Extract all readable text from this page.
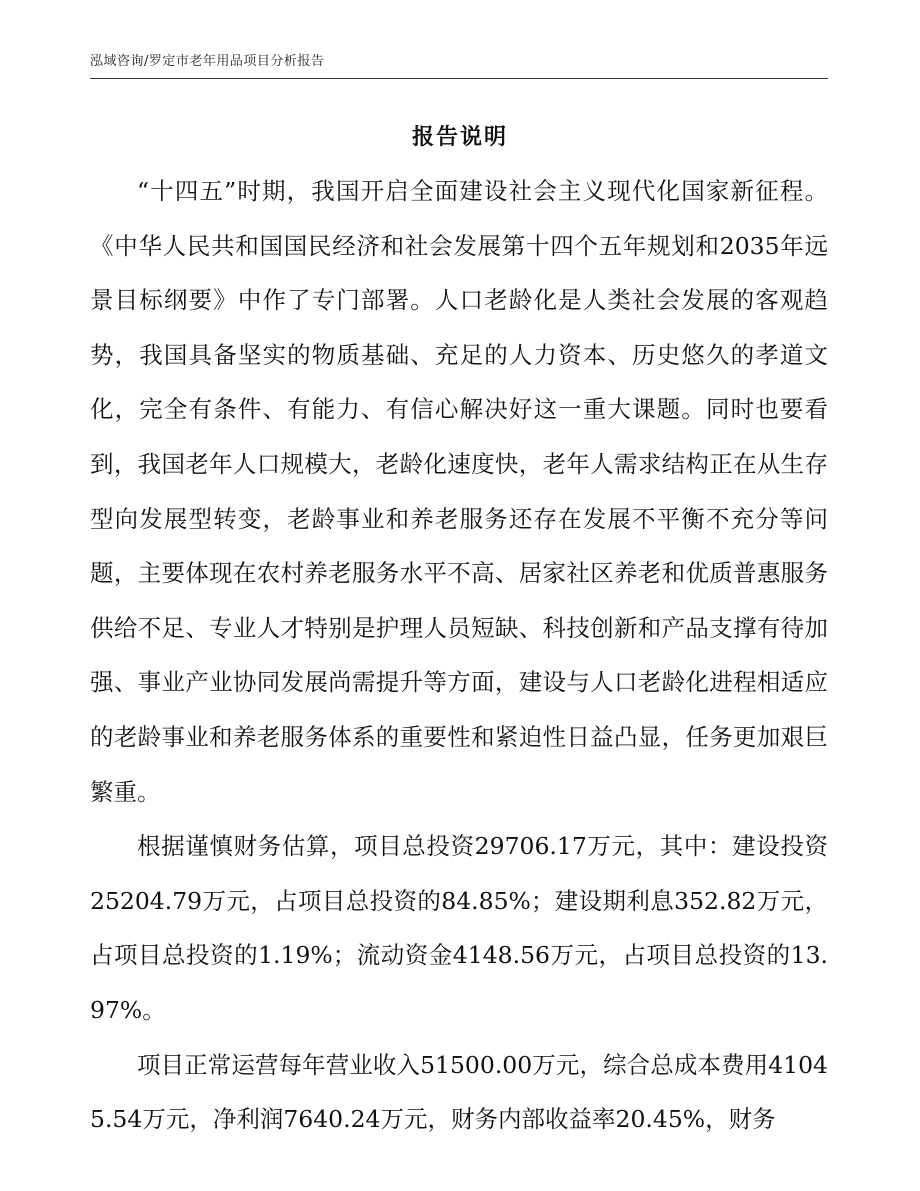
泓域咨询/罗定市老年用品项目分析报告
报告说明

“十四五”时期，我国开启全面建设社会主义现代化国家新征程。《中华人民共和国国民经济和社会发展第十四个五年规划和2035年远景目标纲要》中作了专门部署。人口老龄化是人类社会发展的客观趋势，我国具备坚实的物质基础、充足的人力资本、历史悠久的孝道文化，完全有条件、有能力、有信心解决好这一重大课题。同时也要看到，我国老年人口规模大，老龄化速度快，老年人需求结构正在从生存型向发展型转变，老龄事业和养老服务还存在发展不平衡不充分等问题，主要体现在农村养老服务水平不高、居家社区养老和优质普惠服务供给不足、专业人才特别是护理人员短缺、科技创新和产品支撑有待加强、事业产业协同发展尚需提升等方面，建设与人口老龄化进程相适应的老龄事业和养老服务体系的重要性和紧迫性日益凸显，任务更加艰巨繁重。

根据谨慎财务估算，项目总投资29706.17万元，其中：建设投资25204.79万元，占项目总投资的84.85%；建设期利息352.82万元，占项目总投资的1.19%；流动资金4148.56万元，占项目总投资的13.97%。

项目正常运营每年营业收入51500.00万元，综合总成本费用41045.54万元，净利润7640.24万元，财务内部收益率20.45%，财务
